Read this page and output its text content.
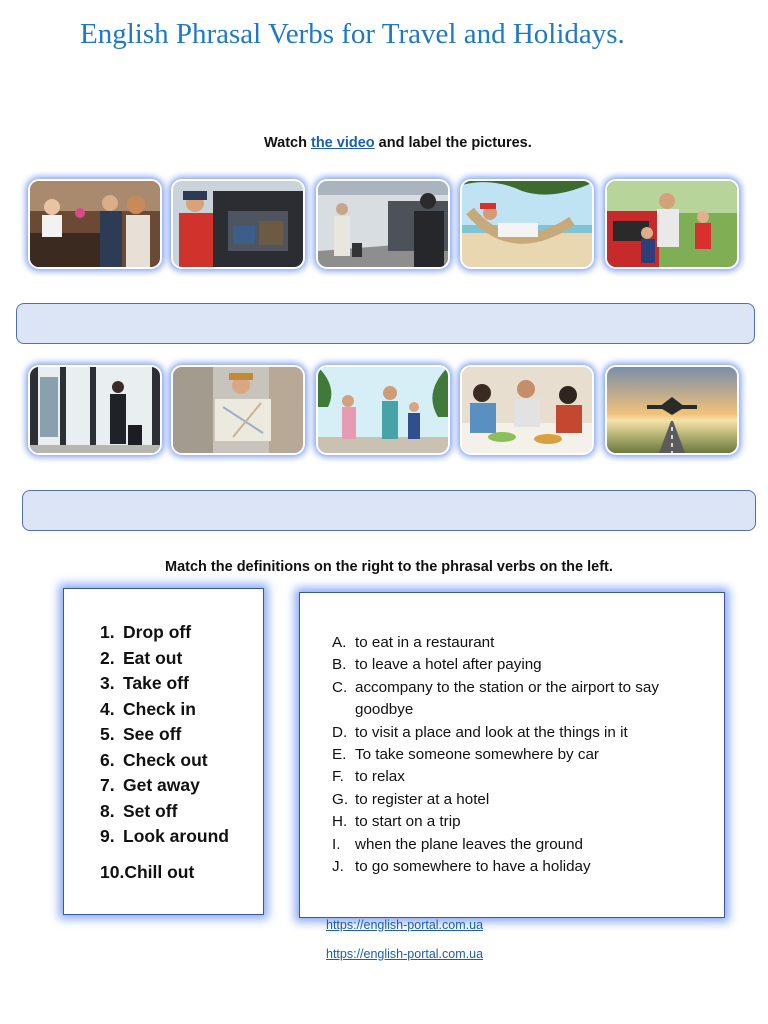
English Phrasal Verbs for Travel and Holidays.
Watch the video and label the pictures.
Match the definitions on the right to the phrasal verbs on the left.
1. Drop off
2. Eat out
3. Take off
4. Check in
5. See off
6. Check out
7. Get away
8. Set off
9. Look around
10.Chill out
A. to eat in a restaurant
B. to leave a hotel after paying
C. accompany to the station or the airport to say goodbye
D. to visit a place and look at the things in it
E. To take someone somewhere by car
F. to relax
G. to register at a hotel
H. to start on a trip
I. when the plane leaves the ground
J. to go somewhere to have a holiday
https://english-portal.com.ua
https://english-portal.com.ua
